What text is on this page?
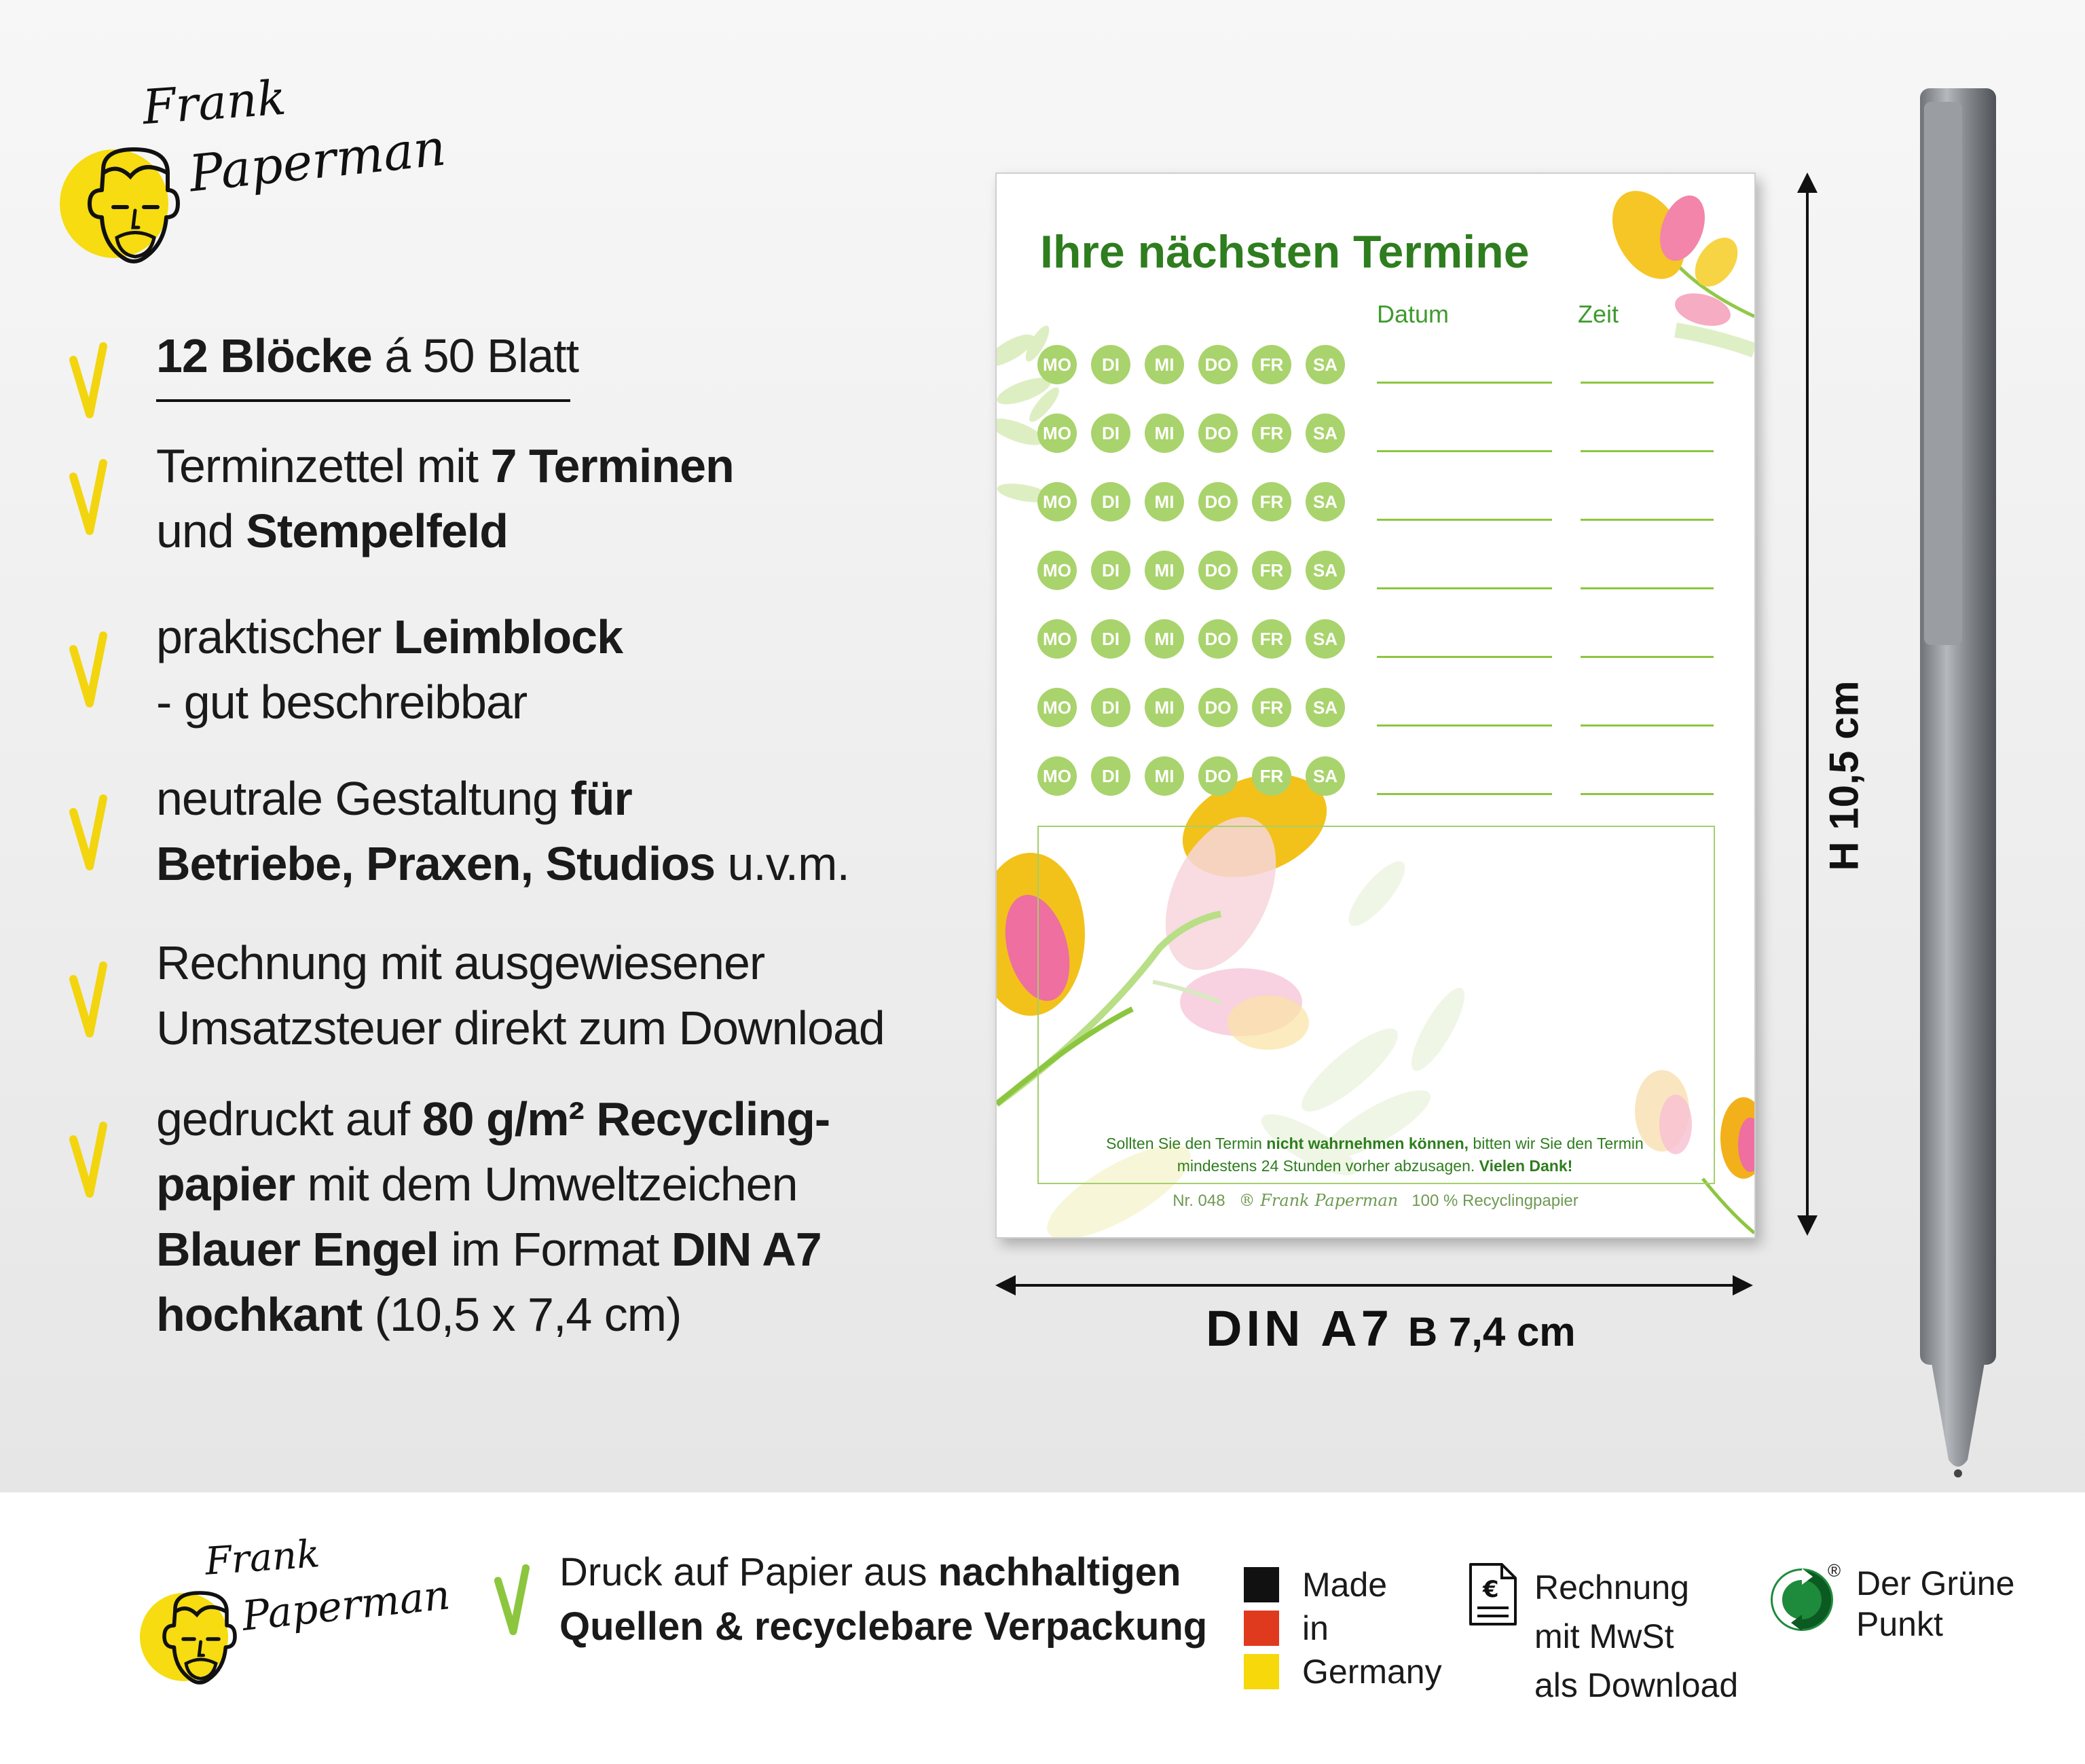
Frank
Paperman
12 Blöcke á 50 Blatt
Terminzettel mit 7 Terminen
und Stempelfeld
praktischer Leimblock
- gut beschreibbar
neutrale Gestaltung für
Betriebe, Praxen, Studios u.v.m.
Rechnung mit ausgewiesener
Umsatzsteuer direkt zum Download
gedruckt auf 80 g/m² Recycling-
papier mit dem Umweltzeichen
Blauer Engel im Format DIN A7
hochkant (10,5 x 7,4 cm)
Ihre nächsten Termine
Datum	Zeit
MO	DI	MI	DO	FR	SA
MO	DI	MI	DO	FR	SA
MO	DI	MI	DO	FR	SA
MO	DI	MI	DO	FR	SA
MO	DI	MI	DO	FR	SA
MO	DI	MI	DO	FR	SA
MO	DI	MI	DO	FR	SA
Sollten Sie den Termin nicht wahrnehmen können, bitten wir Sie den Termin
mindestens 24 Stunden vorher abzusagen. Vielen Dank!
Nr. 048 ® Frank Paperman 100 % Recyclingpapier
DIN A7 B 7,4 cm
H 10,5 cm
Frank
Paperman	Druck auf Papier aus nachhaltigen
Quellen & recyclebare Verpackung
Made
in
Germany
€ Rechnung
mit MwSt
als Download
® Der Grüne
Punkt
